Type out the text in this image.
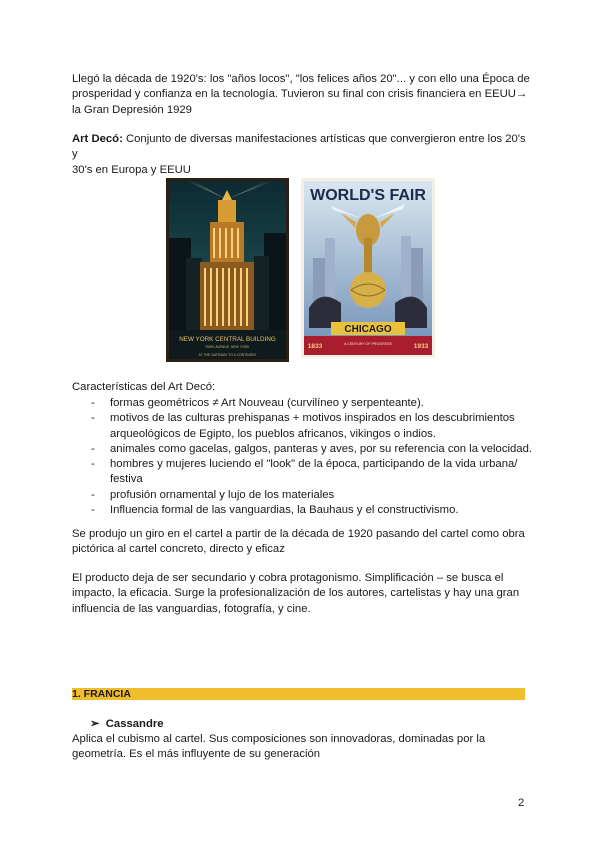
Llegó la década de 1920's: los "años locos", "los felices años 20"... y con ello una Época de
prosperidad y confianza en la tecnología. Tuvieron su final con crisis financiera en EEUU→
la Gran Depresión 1929
Art Decó: Conjunto de diversas manifestaciones artísticas que convergieron entre los 20's y
30's en Europa y EEUU
NEW YORK CENTRAL BUILDING
PARK AVENUE, NEW YORK
AT THE GATEWAY TO A CONTINENT
WORLD'S FAIR
CHICAGO
1833	A CENTURY OF PROGRESS	1933
Características del Art Decó:
- formas geométricos ≠ Art Nouveau (curvilíneo y serpenteante).
- motivos de las culturas prehispanas + motivos inspirados en los descubrimientos arqueológicos de Egipto, los pueblos africanos, vikingos o indios.
- animales como gacelas, galgos, panteras y aves, por su referencia con la velocidad.
- hombres y mujeres luciendo el "look" de la época, participando de la vida urbana/ festiva
- profusión ornamental y lujo de los materiales
- Influencia formal de las vanguardias, la Bauhaus y el constructivismo.
Se produjo un giro en el cartel a partir de la década de 1920 pasando del cartel como obra
pictórica al cartel concreto, directo y eficaz
El producto deja de ser secundario y cobra protagonismo. Simplificación – se busca el
impacto, la eficacia. Surge la profesionalización de los autores, cartelistas y hay una gran
influencia de las vanguardias, fotografía, y cine.
1. FRANCIA
➢ Cassandre
Aplica el cubismo al cartel. Sus composiciones son innovadoras, dominadas por la
geometría. Es el más influyente de su generación
2
